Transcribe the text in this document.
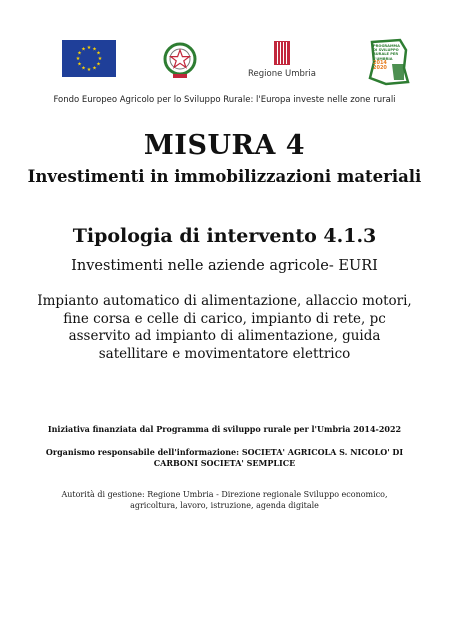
★ ★
★
★
★
★
★
★
★
★
★
★
Regione Umbria
PROGRAMMA
DI SVILUPPO
RURALE PER
L'UMBRIA
2014
2020
Fondo Europeo Agricolo per lo Sviluppo Rurale: l'Europa investe nelle zone rurali
MISURA 4
Investimenti in immobilizzazioni materiali
Tipologia di intervento 4.1.3
Investimenti nelle aziende agricole- EURI
Impianto automatico di alimentazione, allaccio motori,
fine corsa e celle di carico, impianto di rete, pc
asservito ad impianto di alimentazione, guida
satellitare e movimentatore elettrico
Iniziativa finanziata dal Programma di sviluppo rurale per l'Umbria 2014-2022
Organismo responsabile dell'informazione: SOCIETA' AGRICOLA S. NICOLO' DI
CARBONI SOCIETA' SEMPLICE
Autorità di gestione: Regione Umbria - Direzione regionale Sviluppo economico,
agricoltura, lavoro, istruzione, agenda digitale
